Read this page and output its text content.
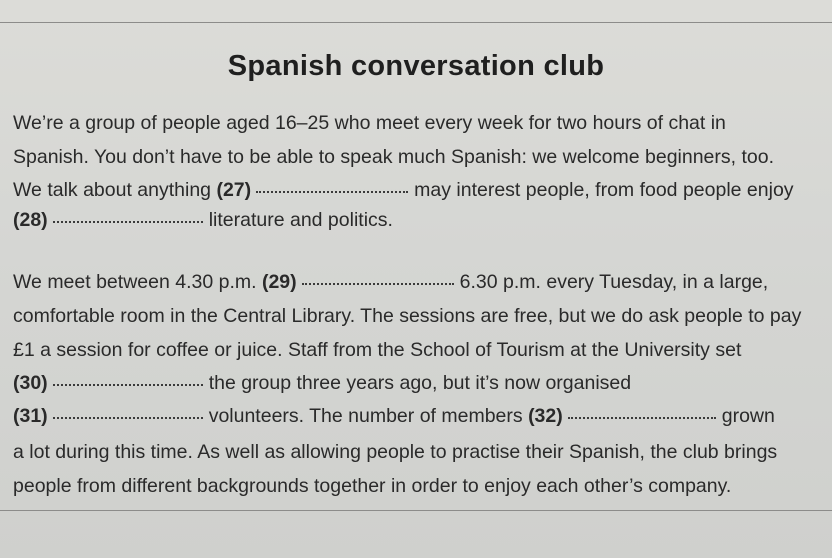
Spanish conversation club
We’re a group of people aged 16–25 who meet every week for two hours of chat in
Spanish. You don’t have to be able to speak much Spanish: we welcome beginners, too.
We talk about anything (27)	may interest people, from food people enjoy
(28)	literature and politics.
We meet between 4.30 p.m. (29)	6.30 p.m. every Tuesday, in a large,
comfortable room in the Central Library. The sessions are free, but we do ask people to pay
£1 a session for coffee or juice. Staff from the School of Tourism at the University set
(30)	the group three years ago, but it’s now organised
(31)	volunteers. The number of members (32)	grown
a lot during this time. As well as allowing people to practise their Spanish, the club brings
people from different backgrounds together in order to enjoy each other’s company.
